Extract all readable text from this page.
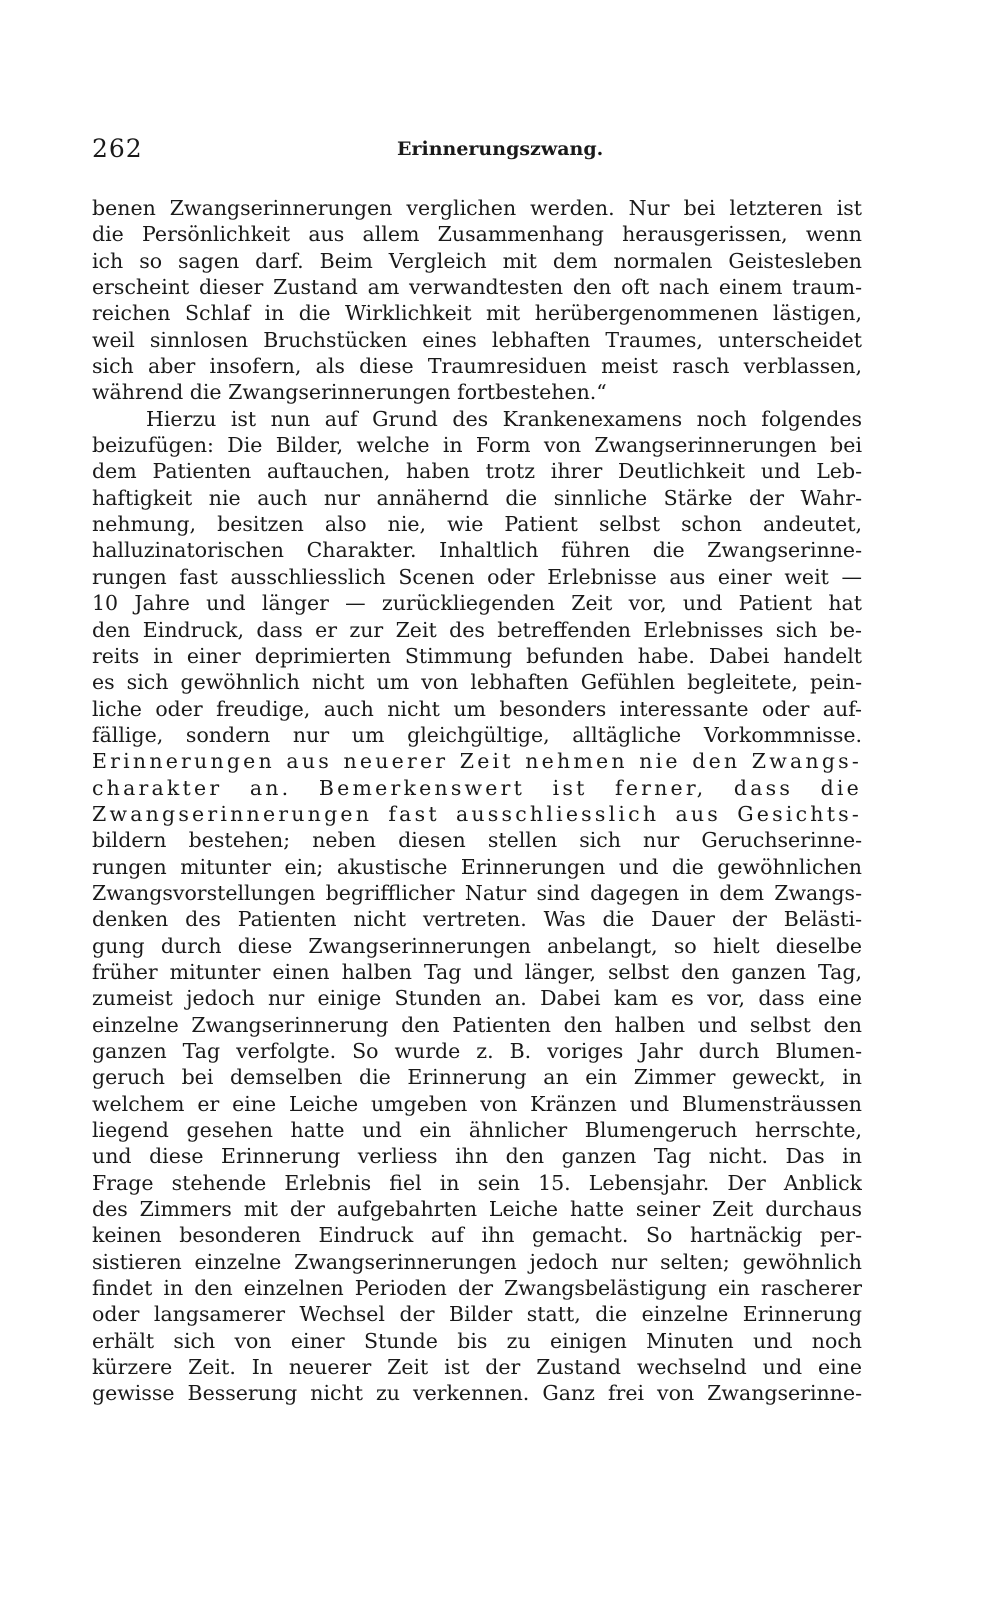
262	Erinnerungszwang.
benen Zwangserinnerungen verglichen werden. Nur bei letzteren ist
die Persönlichkeit aus allem Zusammenhang herausgerissen, wenn
ich so sagen darf. Beim Vergleich mit dem normalen Geistesleben
erscheint dieser Zustand am verwandtesten den oft nach einem traum-
reichen Schlaf in die Wirklichkeit mit herübergenommenen lästigen,
weil sinnlosen Bruchstücken eines lebhaften Traumes, unterscheidet
sich aber insofern, als diese Traumresiduen meist rasch verblassen,
während die Zwangserinnerungen fortbestehen.“
Hierzu ist nun auf Grund des Krankenexamens noch folgendes
beizufügen: Die Bilder, welche in Form von Zwangserinnerungen bei
dem Patienten auftauchen, haben trotz ihrer Deutlichkeit und Leb-
haftigkeit nie auch nur annähernd die sinnliche Stärke der Wahr-
nehmung, besitzen also nie, wie Patient selbst schon andeutet,
halluzinatorischen Charakter. Inhaltlich führen die Zwangserinne-
rungen fast ausschliesslich Scenen oder Erlebnisse aus einer weit —
10 Jahre und länger — zurückliegenden Zeit vor, und Patient hat
den Eindruck, dass er zur Zeit des betreffenden Erlebnisses sich be-
reits in einer deprimierten Stimmung befunden habe. Dabei handelt
es sich gewöhnlich nicht um von lebhaften Gefühlen begleitete, pein-
liche oder freudige, auch nicht um besonders interessante oder auf-
fällige, sondern nur um gleichgültige, alltägliche Vorkommnisse.
Erinnerungen aus neuerer Zeit nehmen nie den Zwangs-
charakter an. Bemerkenswert ist ferner, dass die
Zwangserinnerungen fast ausschliesslich aus Gesichts-
bildern bestehen; neben diesen stellen sich nur Geruchserinne-
rungen mitunter ein; akustische Erinnerungen und die gewöhnlichen
Zwangsvorstellungen begrifflicher Natur sind dagegen in dem Zwangs-
denken des Patienten nicht vertreten. Was die Dauer der Belästi-
gung durch diese Zwangserinnerungen anbelangt, so hielt dieselbe
früher mitunter einen halben Tag und länger, selbst den ganzen Tag,
zumeist jedoch nur einige Stunden an. Dabei kam es vor, dass eine
einzelne Zwangserinnerung den Patienten den halben und selbst den
ganzen Tag verfolgte. So wurde z. B. voriges Jahr durch Blumen-
geruch bei demselben die Erinnerung an ein Zimmer geweckt, in
welchem er eine Leiche umgeben von Kränzen und Blumensträussen
liegend gesehen hatte und ein ähnlicher Blumengeruch herrschte,
und diese Erinnerung verliess ihn den ganzen Tag nicht. Das in
Frage stehende Erlebnis fiel in sein 15. Lebensjahr. Der Anblick
des Zimmers mit der aufgebahrten Leiche hatte seiner Zeit durchaus
keinen besonderen Eindruck auf ihn gemacht. So hartnäckig per-
sistieren einzelne Zwangserinnerungen jedoch nur selten; gewöhnlich
findet in den einzelnen Perioden der Zwangsbelästigung ein rascherer
oder langsamerer Wechsel der Bilder statt, die einzelne Erinnerung
erhält sich von einer Stunde bis zu einigen Minuten und noch
kürzere Zeit. In neuerer Zeit ist der Zustand wechselnd und eine
gewisse Besserung nicht zu verkennen. Ganz frei von Zwangserinne-
